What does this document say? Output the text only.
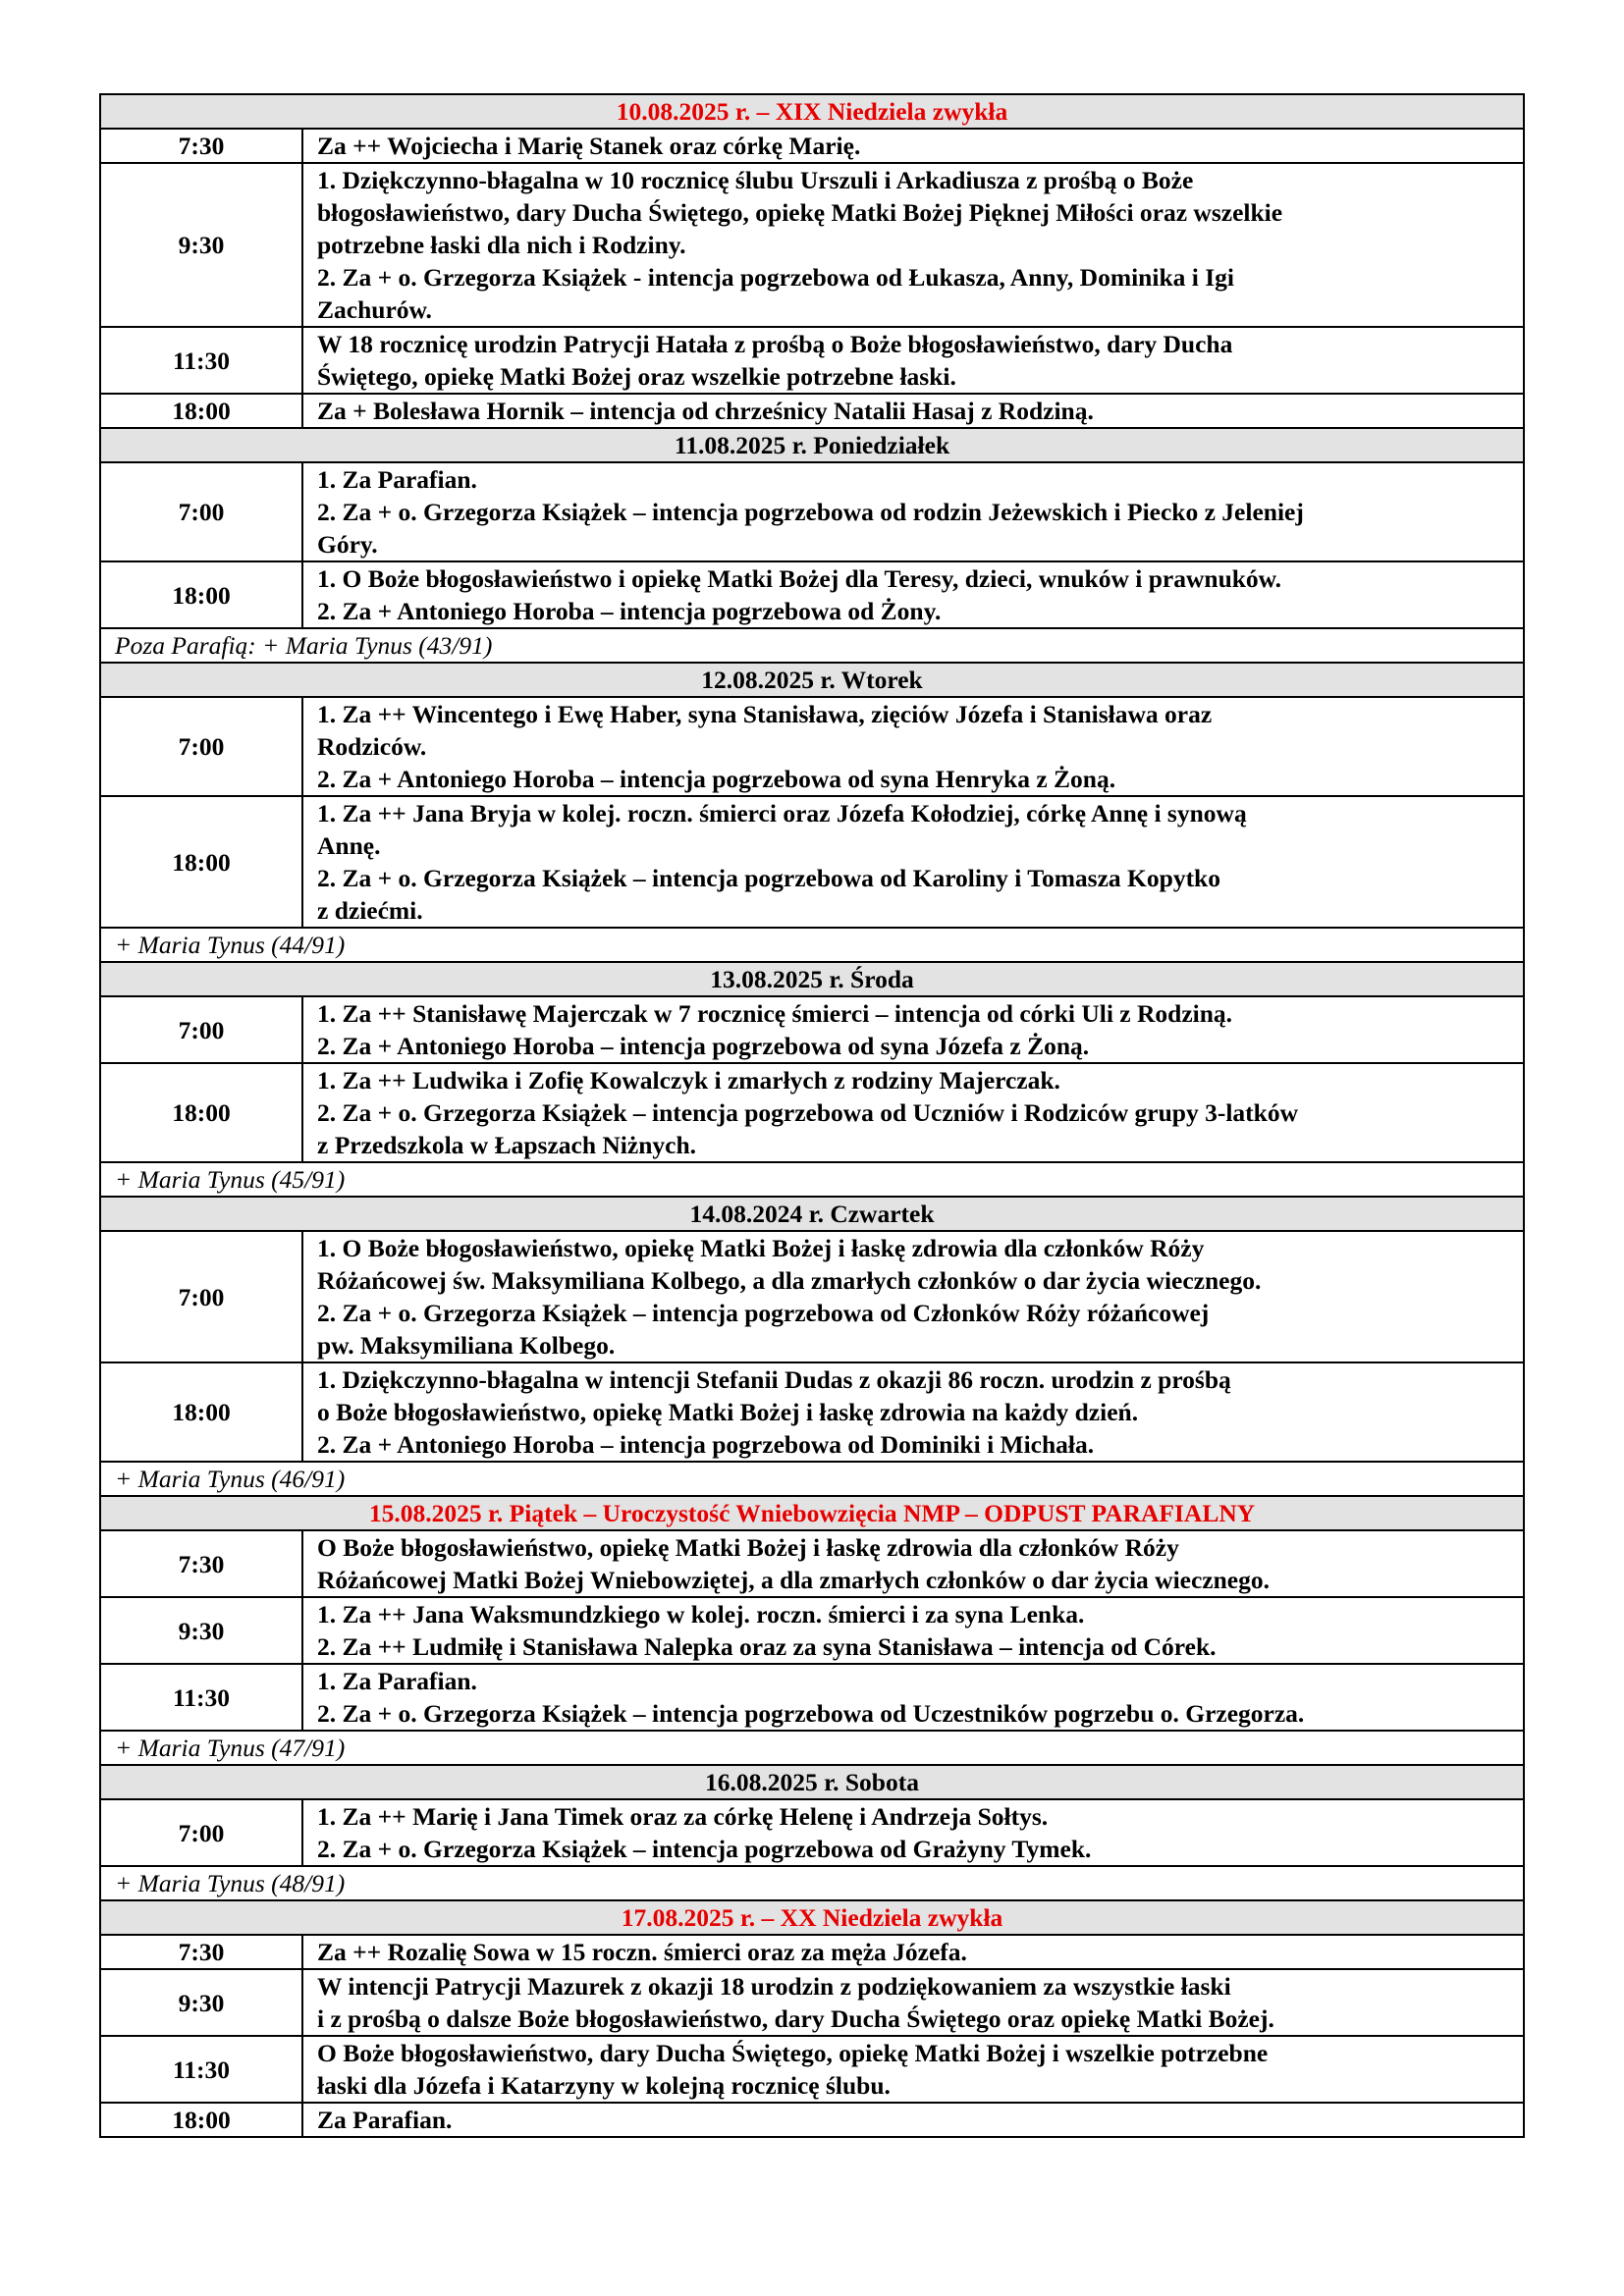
10.08.2025 r. – XIX Niedziela zwykła	
7:30	Za ++ Wojciecha i Marię Stanek oraz córkę Marię.

9:30	1. Dziękczynno-błagalna w 10 rocznicę ślubu Urszuli i Arkadiusza z prośbą o Boże
błogosławieństwo, dary Ducha Świętego, opiekę Matki Bożej Pięknej Miłości oraz wszelkie
potrzebne łaski dla nich i Rodziny.
2. Za + o. Grzegorza Książek - intencja pogrzebowa od Łukasza, Anny, Dominika i Igi
Zachurów.

11:30	W 18 rocznicę urodzin Patrycji Hatała z prośbą o Boże błogosławieństwo, dary Ducha
Świętego, opiekę Matki Bożej oraz wszelkie potrzebne łaski.

18:00	Za + Bolesława Hornik – intencja od chrześnicy Natalii Hasaj z Rodziną.

11.08.2025 r. Poniedziałek	
7:00	1. Za Parafian.
2. Za + o. Grzegorza Książek – intencja pogrzebowa od rodzin Jeżewskich i Piecko z Jeleniej
Góry.

18:00	1. O Boże błogosławieństwo i opiekę Matki Bożej dla Teresy, dzieci, wnuków i prawnuków.
2. Za + Antoniego Horoba – intencja pogrzebowa od Żony.

Poza Parafią: + Maria Tynus (43/91)	
12.08.2025 r. Wtorek	
7:00	1. Za ++ Wincentego i Ewę Haber, syna Stanisława, zięciów Józefa i Stanisława oraz
Rodziców.
2. Za + Antoniego Horoba – intencja pogrzebowa od syna Henryka z Żoną.

18:00	1. Za ++ Jana Bryja w kolej. roczn. śmierci oraz Józefa Kołodziej, córkę Annę i synową
Annę.
2. Za + o. Grzegorza Książek – intencja pogrzebowa od Karoliny i Tomasza Kopytko
z dziećmi.

+ Maria Tynus (44/91)	
13.08.2025 r. Środa	
7:00	1. Za ++ Stanisławę Majerczak w 7 rocznicę śmierci – intencja od córki Uli z Rodziną.
2. Za + Antoniego Horoba – intencja pogrzebowa od syna Józefa z Żoną.

18:00	1. Za ++ Ludwika i Zofię Kowalczyk i zmarłych z rodziny Majerczak.
2. Za + o. Grzegorza Książek – intencja pogrzebowa od Uczniów i Rodziców grupy 3-latków
z Przedszkola w Łapszach Niżnych.

+ Maria Tynus (45/91)	
14.08.2024 r. Czwartek	
7:00	1. O Boże błogosławieństwo, opiekę Matki Bożej i łaskę zdrowia dla członków Róży
Różańcowej św. Maksymiliana Kolbego, a dla zmarłych członków o dar życia wiecznego.
2. Za + o. Grzegorza Książek – intencja pogrzebowa od Członków Róży różańcowej
pw. Maksymiliana Kolbego.

18:00	1. Dziękczynno-błagalna w intencji Stefanii Dudas z okazji 86 roczn. urodzin z prośbą
o Boże błogosławieństwo, opiekę Matki Bożej i łaskę zdrowia na każdy dzień.
2. Za + Antoniego Horoba – intencja pogrzebowa od Dominiki i Michała.

+ Maria Tynus (46/91)	
15.08.2025 r. Piątek – Uroczystość Wniebowzięcia NMP – ODPUST PARAFIALNY	
7:30	O Boże błogosławieństwo, opiekę Matki Bożej i łaskę zdrowia dla członków Róży
Różańcowej Matki Bożej Wniebowziętej, a dla zmarłych członków o dar życia wiecznego.

9:30	1. Za ++ Jana Waksmundzkiego w kolej. roczn. śmierci i za syna Lenka.
2. Za ++ Ludmiłę i Stanisława Nalepka oraz za syna Stanisława – intencja od Córek.

11:30	1. Za Parafian.
2. Za + o. Grzegorza Książek – intencja pogrzebowa od Uczestników pogrzebu o. Grzegorza.

+ Maria Tynus (47/91)	
16.08.2025 r. Sobota	
7:00	1. Za ++ Marię i Jana Timek oraz za córkę Helenę i Andrzeja Sołtys.
2. Za + o. Grzegorza Książek – intencja pogrzebowa od Grażyny Tymek.

+ Maria Tynus (48/91)	
17.08.2025 r. – XX Niedziela zwykła	
7:30	Za ++ Rozalię Sowa w 15 roczn. śmierci oraz za męża Józefa.

9:30	W intencji Patrycji Mazurek z okazji 18 urodzin z podziękowaniem za wszystkie łaski
i z prośbą o dalsze Boże błogosławieństwo, dary Ducha Świętego oraz opiekę Matki Bożej.

11:30	O Boże błogosławieństwo, dary Ducha Świętego, opiekę Matki Bożej i wszelkie potrzebne
łaski dla Józefa i Katarzyny w kolejną rocznicę ślubu.

18:00	Za Parafian.
